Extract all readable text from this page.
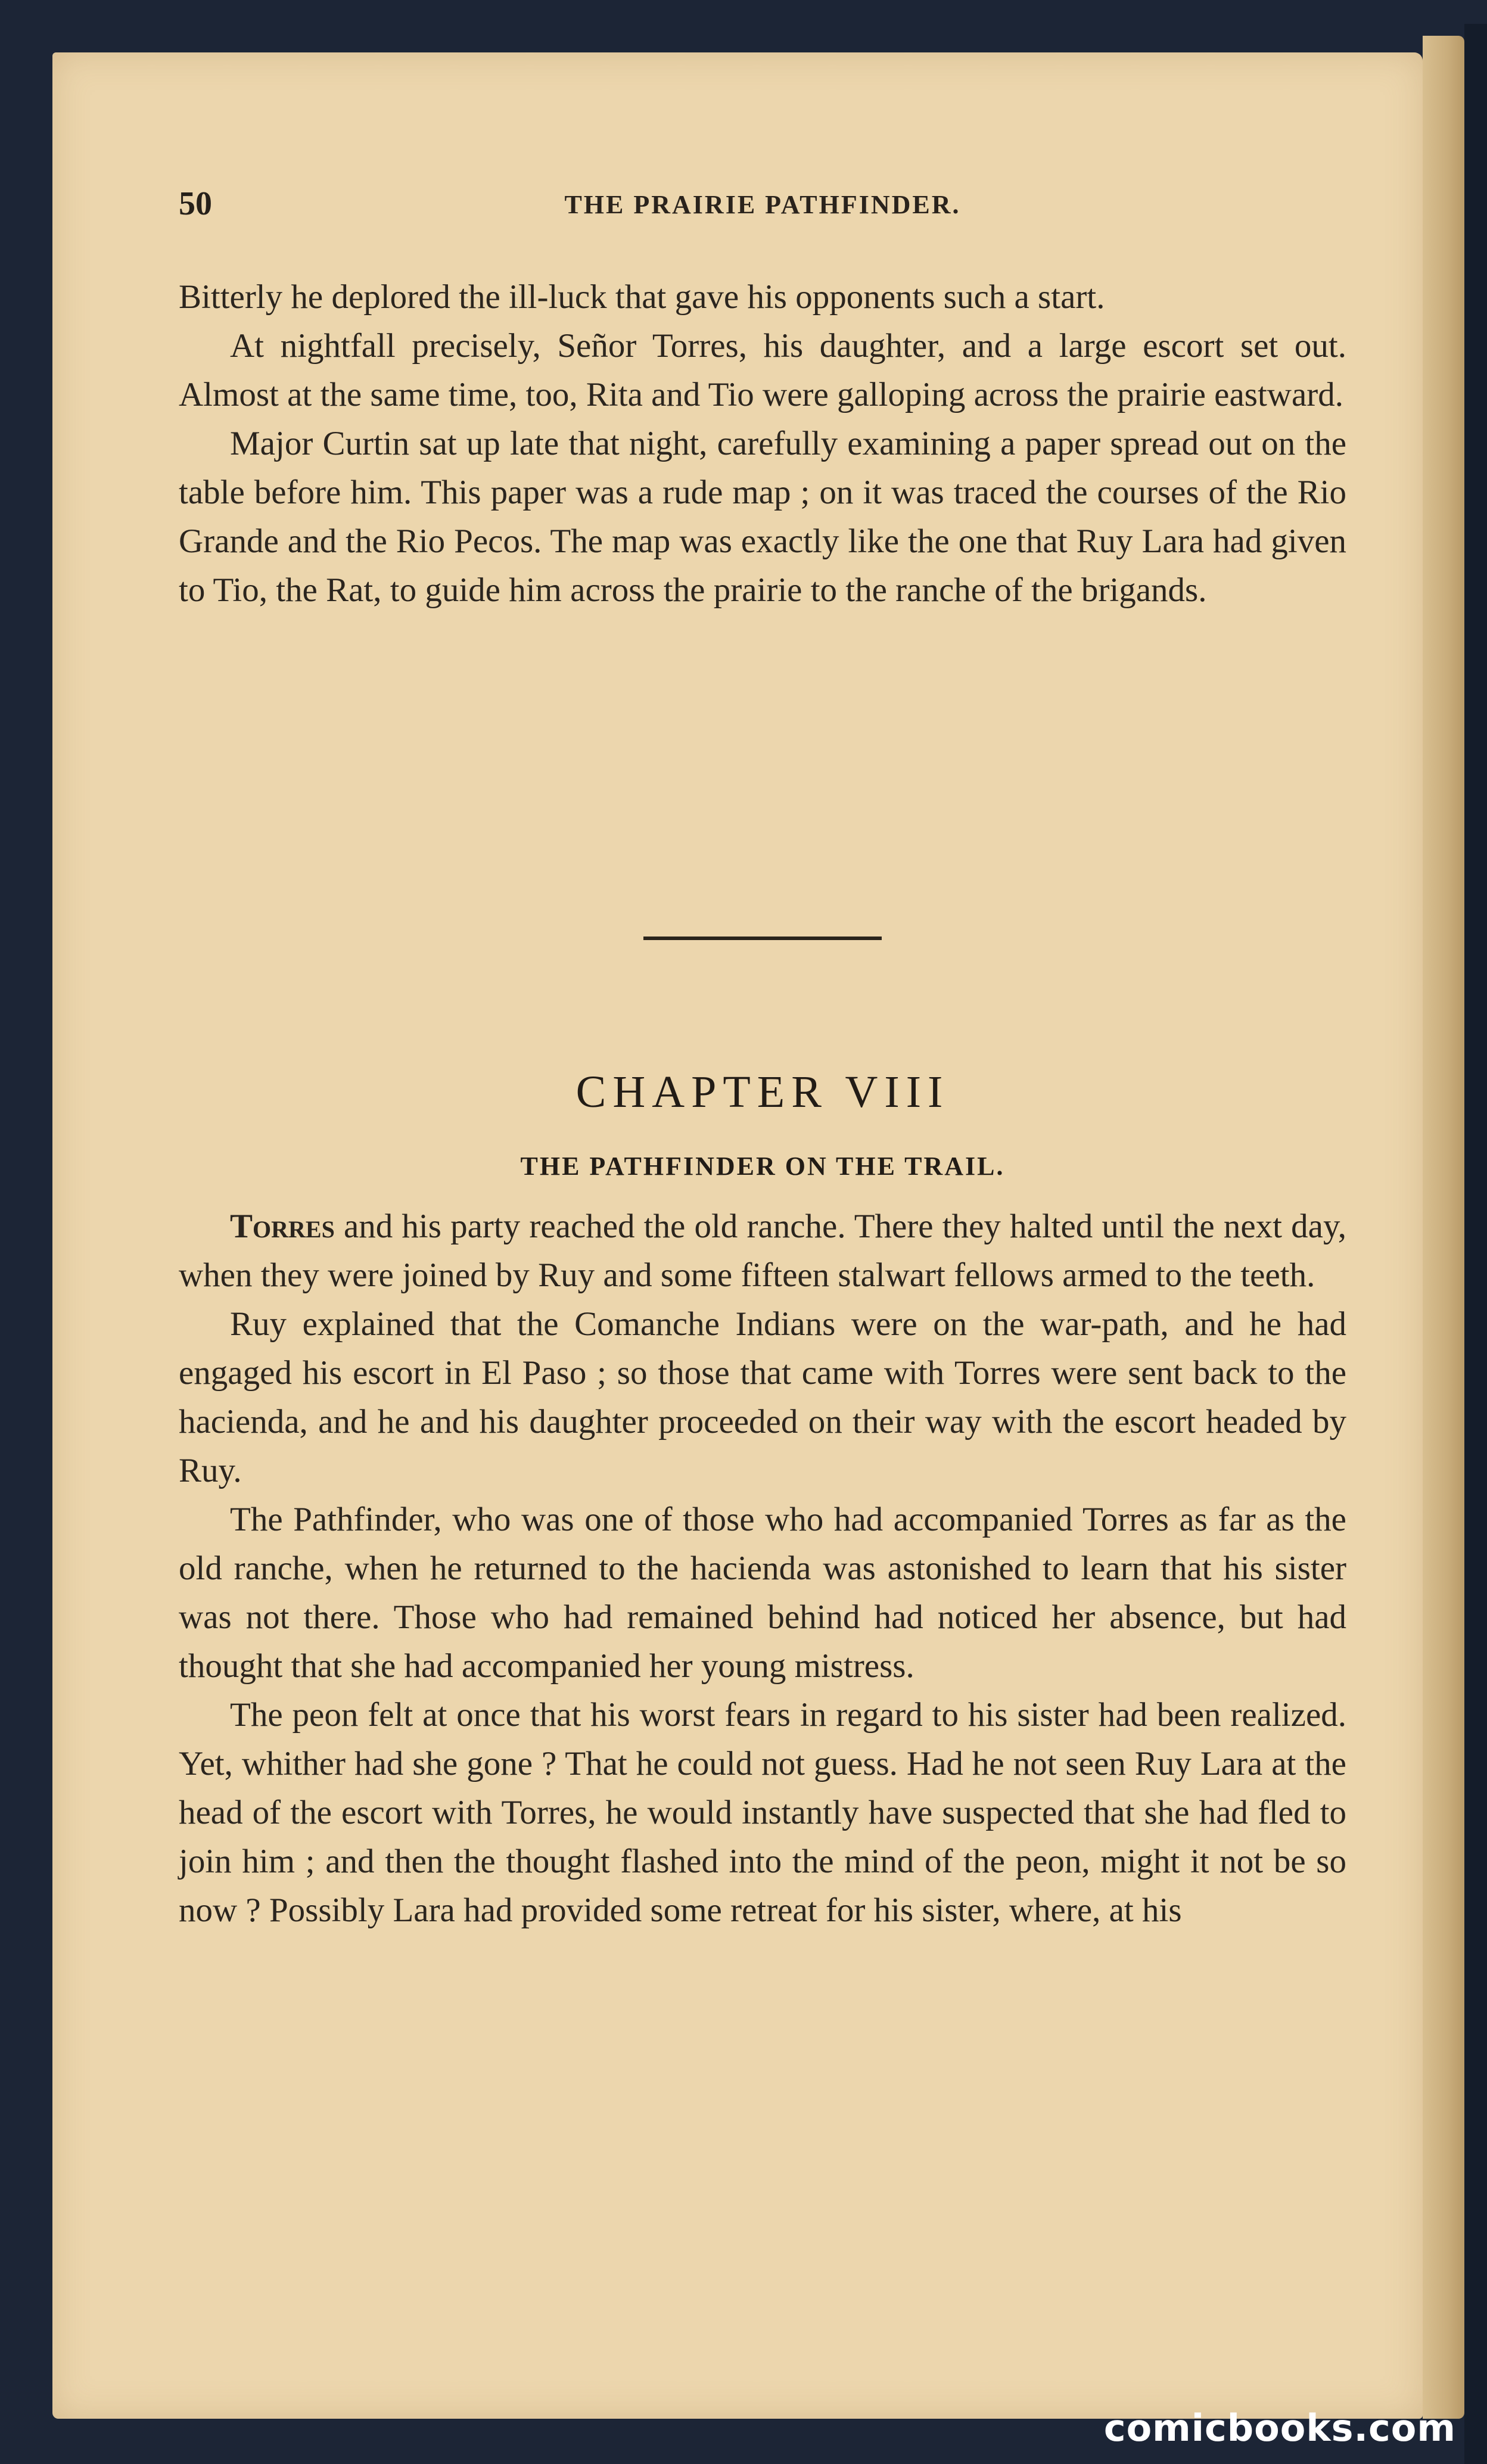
50	THE PRAIRIE PATHFINDER.

Bitterly he deplored the ill-luck that gave his opponents such a start.

At nightfall precisely, Señor Torres, his daughter, and a large escort set out. Almost at the same time, too, Rita and Tio were galloping across the prairie eastward.

Major Curtin sat up late that night, carefully examining a paper spread out on the table before him. This paper was a rude map ; on it was traced the courses of the Rio Grande and the Rio Pecos. The map was exactly like the one that Ruy Lara had given to Tio, the Rat, to guide him across the prairie to the ranche of the brigands.

CHAPTER VIII
THE PATHFINDER ON THE TRAIL.

Torres and his party reached the old ranche. There they halted until the next day, when they were joined by Ruy and some fifteen stalwart fellows armed to the teeth.

Ruy explained that the Comanche Indians were on the war-path, and he had engaged his escort in El Paso ; so those that came with Torres were sent back to the hacienda, and he and his daughter proceeded on their way with the escort headed by Ruy.

The Pathfinder, who was one of those who had accompanied Torres as far as the old ranche, when he returned to the hacienda was astonished to learn that his sister was not there. Those who had remained behind had noticed her absence, but had thought that she had accompanied her young mistress.

The peon felt at once that his worst fears in regard to his sister had been realized. Yet, whither had she gone ? That he could not guess. Had he not seen Ruy Lara at the head of the escort with Torres, he would instantly have suspected that she had fled to join him ; and then the thought flashed into the mind of the peon, might it not be so now ? Possibly Lara had provided some retreat for his sister, where, at his

comicbooks.com
